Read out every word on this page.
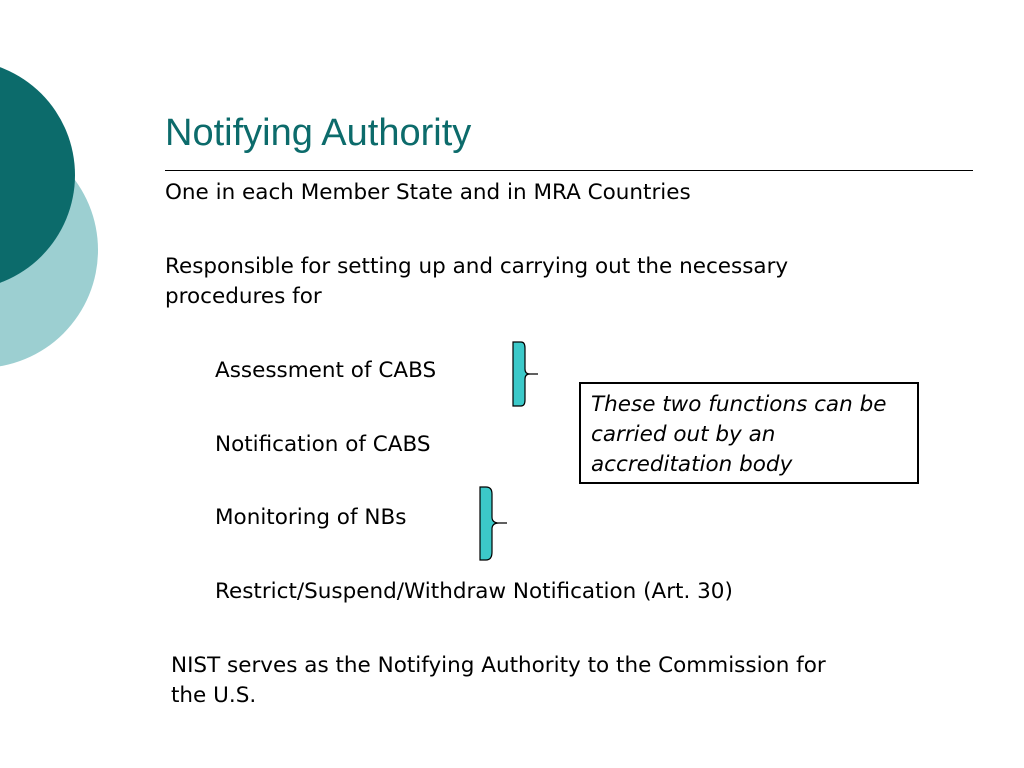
Notifying Authority
One in each Member State and in MRA Countries
Responsible for setting up and carrying out the necessary
procedures for
Assessment of CABS
Notification of CABS
Monitoring of NBs
Restrict/Suspend/Withdraw Notification (Art. 30)
These two functions can be carried out by an accreditation body
NIST serves as the Notifying Authority to the Commission for
the U.S.
